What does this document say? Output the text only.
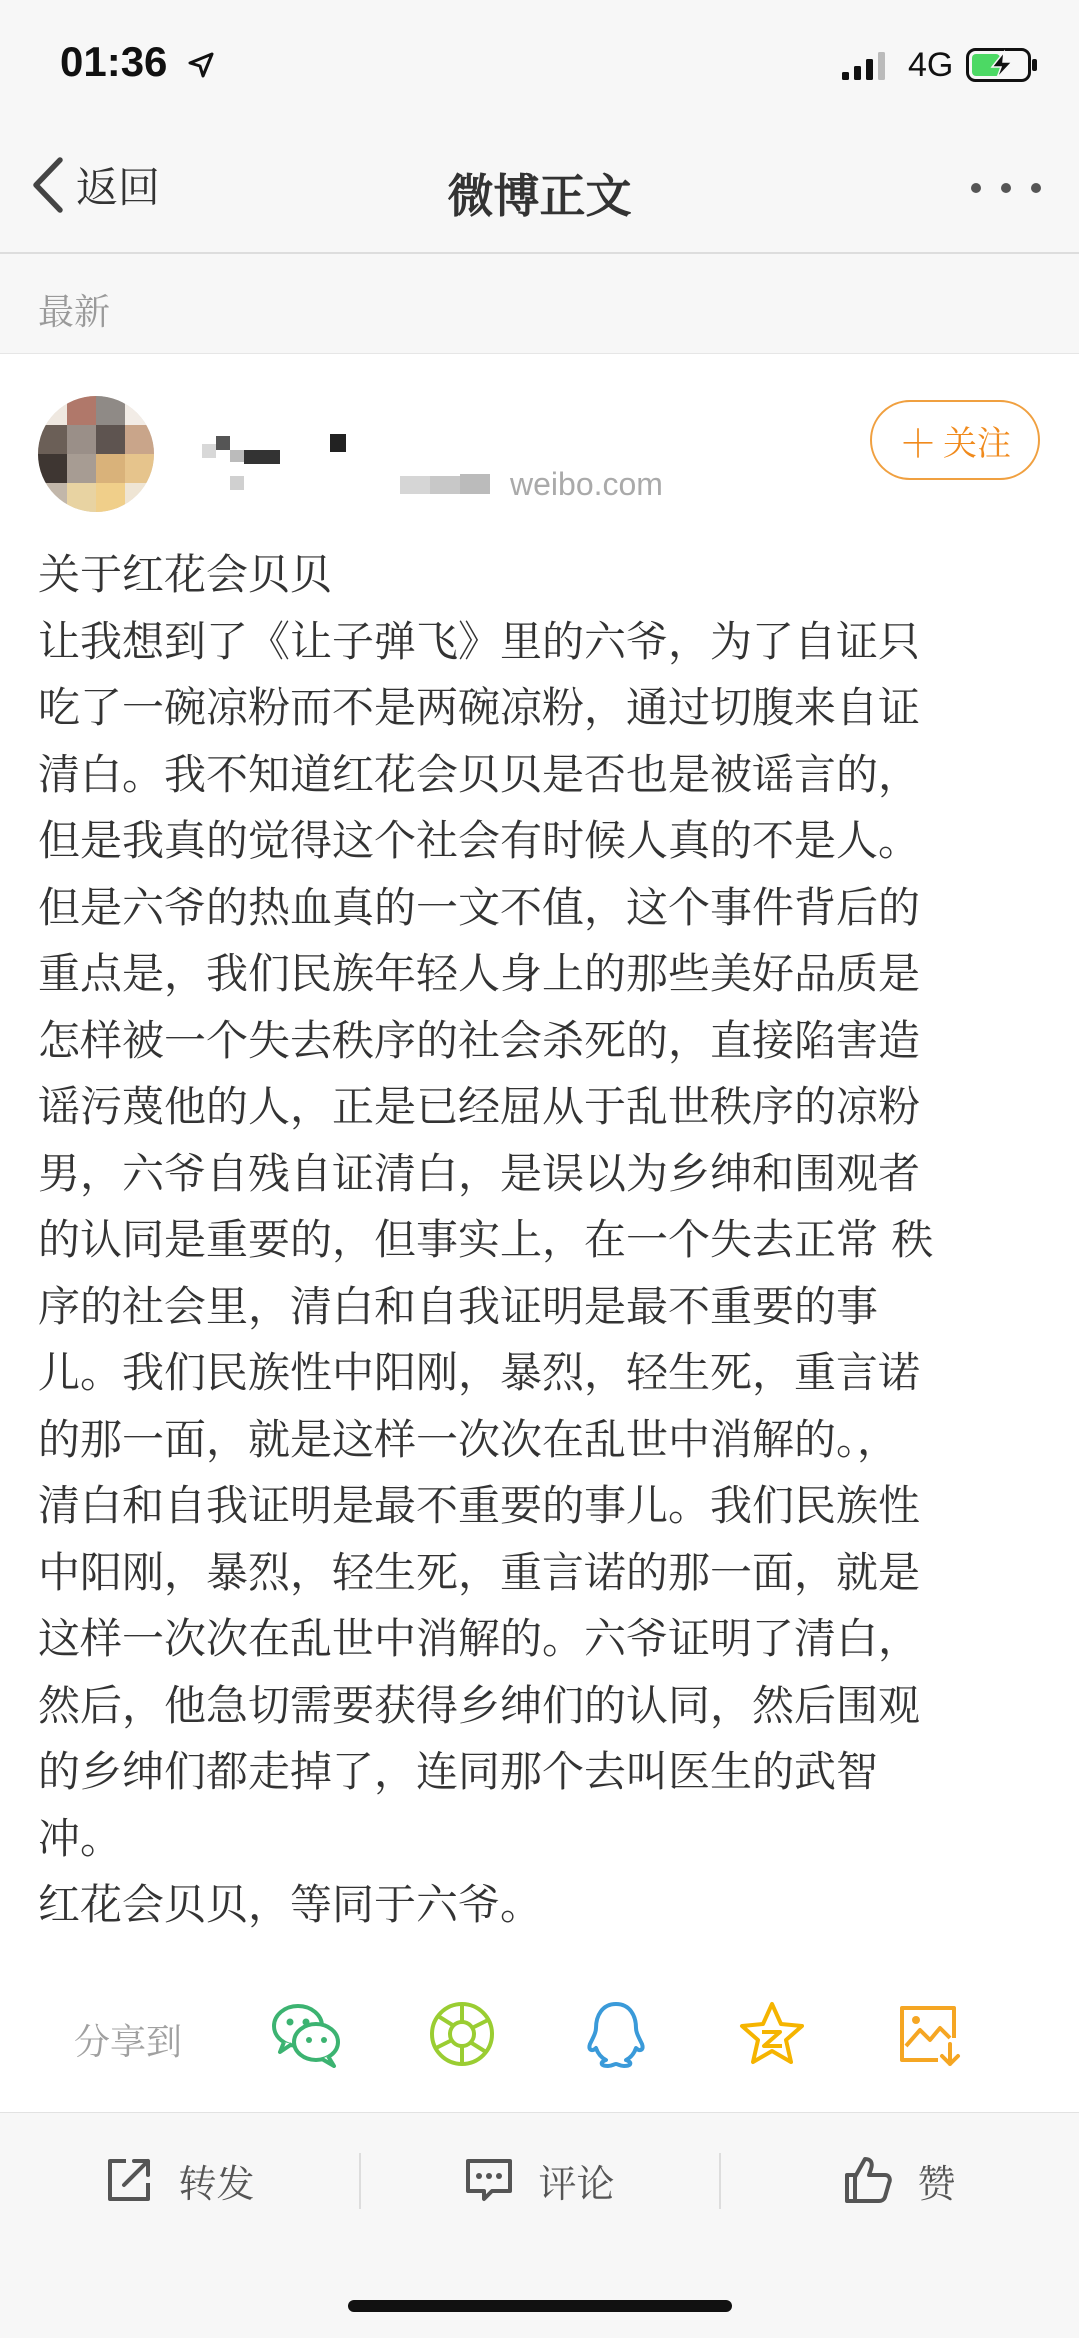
01:36	4G
返回	微博正文
最新
weibo.com
＋ 关注
关于红花会贝贝
让我想到了《让子弹飞》里的六爷，为了自证只
吃了一碗凉粉而不是两碗凉粉，通过切腹来自证
清白。我不知道红花会贝贝是否也是被谣言的，
但是我真的觉得这个社会有时候人真的不是人。
但是六爷的热血真的一文不值，这个事件背后的
重点是，我们民族年轻人身上的那些美好品质是
怎样被一个失去秩序的社会杀死的，直接陷害造
谣污蔑他的人，正是已经屈从于乱世秩序的凉粉
男，六爷自残自证清白，是误以为乡绅和围观者
的认同是重要的，但事实上，在一个失去正常 秩
序的社会里，清白和自我证明是最不重要的事
儿。我们民族性中阳刚，暴烈，轻生死，重言诺
的那一面，就是这样一次次在乱世中消解的。，
清白和自我证明是最不重要的事儿。我们民族性
中阳刚，暴烈，轻生死，重言诺的那一面，就是
这样一次次在乱世中消解的。六爷证明了清白，
然后，他急切需要获得乡绅们的认同，然后围观
的乡绅们都走掉了，连同那个去叫医生的武智
冲。
红花会贝贝，等同于六爷。
分享到
转发	评论	赞
